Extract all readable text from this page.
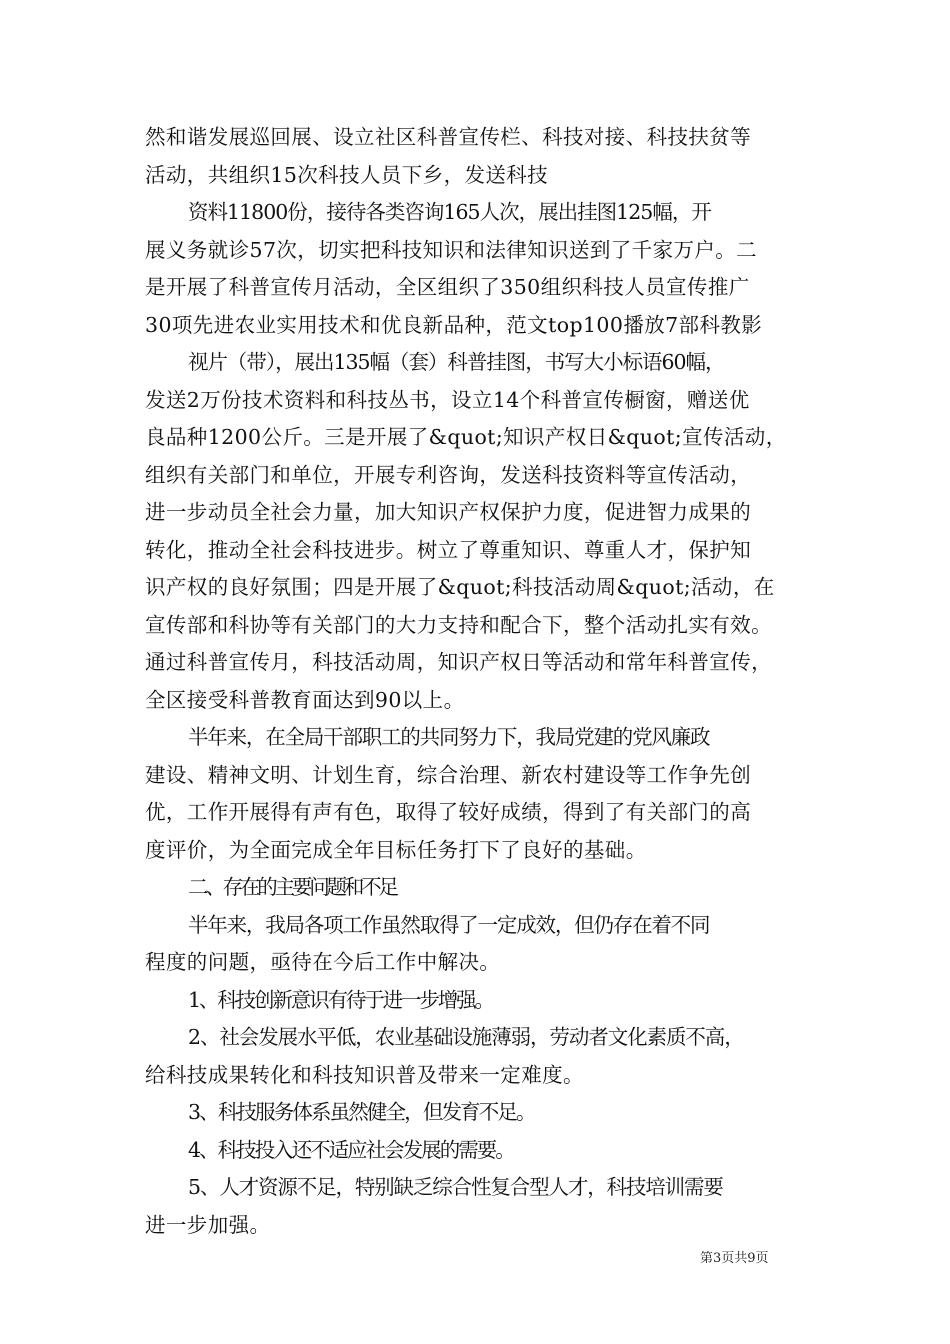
然和谐发展巡回展、设立社区科普宣传栏、科技对接、科技扶贫等
活动，共组织15次科技人员下乡，发送科技
资料11800份，接待各类咨询165人次，展出挂图125幅，开
展义务就诊57次，切实把科技知识和法律知识送到了千家万户。二
是开展了科普宣传月活动，全区组织了350组织科技人员宣传推广
30项先进农业实用技术和优良新品种，范文top100播放7部科教影
视片（带），展出135幅（套）科普挂图，书写大小标语60幅，
发送2万份技术资料和科技丛书，设立14个科普宣传橱窗，赠送优
良品种1200公斤。三是开展了&quot;知识产权日&quot;宣传活动，
组织有关部门和单位，开展专利咨询，发送科技资料等宣传活动，
进一步动员全社会力量，加大知识产权保护力度，促进智力成果的
转化，推动全社会科技进步。树立了尊重知识、尊重人才，保护知
识产权的良好氛围；四是开展了&quot;科技活动周&quot;活动，在
宣传部和科协等有关部门的大力支持和配合下，整个活动扎实有效。
通过科普宣传月，科技活动周，知识产权日等活动和常年科普宣传，
全区接受科普教育面达到90以上。
半年来，在全局干部职工的共同努力下，我局党建的党风廉政
建设、精神文明、计划生育，综合治理、新农村建设等工作争先创
优，工作开展得有声有色，取得了较好成绩，得到了有关部门的高
度评价，为全面完成全年目标任务打下了良好的基础。
二、存在的主要问题和不足
半年来，我局各项工作虽然取得了一定成效，但仍存在着不同
程度的问题，亟待在今后工作中解决。
1、科技创新意识有待于进一步增强。
2、社会发展水平低，农业基础设施薄弱，劳动者文化素质不高，
给科技成果转化和科技知识普及带来一定难度。
3、科技服务体系虽然健全，但发育不足。
4、科技投入还不适应社会发展的需要。
5、人才资源不足，特别缺乏综合性复合型人才，科技培训需要
进一步加强。
第3页共9页
